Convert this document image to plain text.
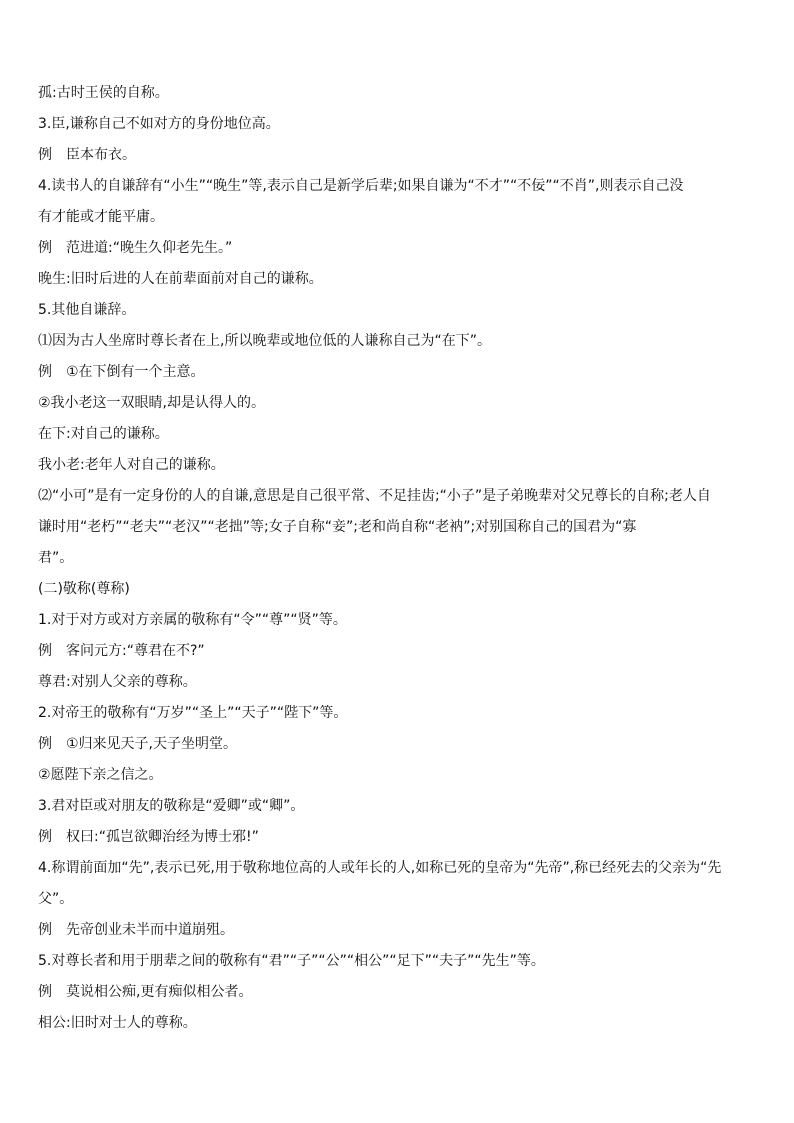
孤:古时王侯的自称。

3.臣,谦称自己不如对方的身份地位高。

例　臣本布衣。

4.读书人的自谦辞有“小生”“晚生”等,表示自己是新学后辈;如果自谦为“不才”“不佞”“不肖”,则表示自己没

有才能或才能平庸。

例　范进道:“晚生久仰老先生。”

晚生:旧时后进的人在前辈面前对自己的谦称。

5.其他自谦辞。

⑴因为古人坐席时尊长者在上,所以晚辈或地位低的人谦称自己为“在下”。

例　①在下倒有一个主意。

②我小老这一双眼睛,却是认得人的。

在下:对自己的谦称。

我小老:老年人对自己的谦称。

⑵“小可”是有一定身份的人的自谦,意思是自己很平常、不足挂齿;“小子”是子弟晚辈对父兄尊长的自称;老人自

谦时用“老朽”“老夫”“老汉”“老拙”等;女子自称“妾”;老和尚自称“老衲”;对别国称自己的国君为“寡

君”。

(二)敬称(尊称)

1.对于对方或对方亲属的敬称有“令”“尊”“贤”等。

例　客问元方:“尊君在不?”

尊君:对别人父亲的尊称。

2.对帝王的敬称有“万岁”“圣上”“天子”“陛下”等。

例　①归来见天子,天子坐明堂。

②愿陛下亲之信之。

3.君对臣或对朋友的敬称是“爱卿”或“卿”。

例　权曰:“孤岂欲卿治经为博士邪!”

4.称谓前面加“先”,表示已死,用于敬称地位高的人或年长的人,如称已死的皇帝为“先帝”,称已经死去的父亲为“先

父”。

例　先帝创业未半而中道崩殂。

5.对尊长者和用于朋辈之间的敬称有“君”“子”“公”“相公”“足下”“夫子”“先生”等。

例　莫说相公痴,更有痴似相公者。

相公:旧时对士人的尊称。
